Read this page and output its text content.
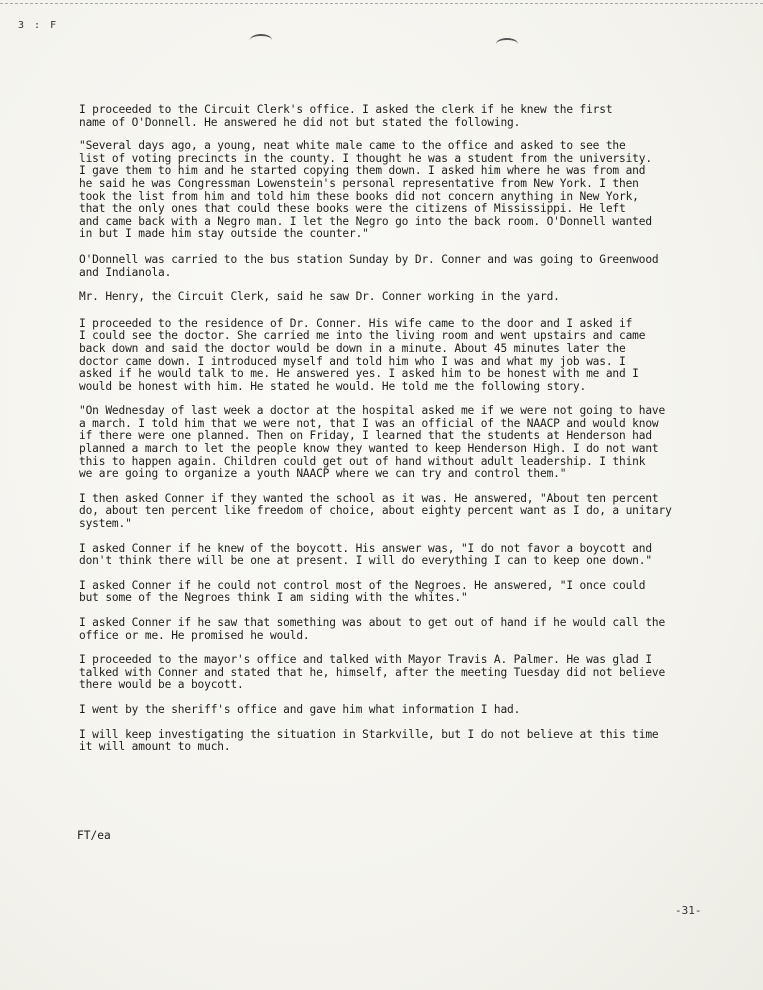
3 : F
I proceeded to the Circuit Clerk's office. I asked the clerk if he knew the first
name of O'Donnell. He answered he did not but stated the following.
"Several days ago, a young, neat white male came to the office and asked to see the
list of voting precincts in the county. I thought he was a student from the university.
I gave them to him and he started copying them down. I asked him where he was from and
he said he was Congressman Lowenstein's personal representative from New York. I then
took the list from him and told him these books did not concern anything in New York,
that the only ones that could these books were the citizens of Mississippi. He left
and came back with a Negro man. I let the Negro go into the back room. O'Donnell wanted
in but I made him stay outside the counter."
O'Donnell was carried to the bus station Sunday by Dr. Conner and was going to Greenwood
and Indianola.
Mr. Henry, the Circuit Clerk, said he saw Dr. Conner working in the yard.
I proceeded to the residence of Dr. Conner. His wife came to the door and I asked if
I could see the doctor. She carried me into the living room and went upstairs and came
back down and said the doctor would be down in a minute. About 45 minutes later the
doctor came down. I introduced myself and told him who I was and what my job was. I
asked if he would talk to me. He answered yes. I asked him to be honest with me and I
would be honest with him. He stated he would. He told me the following story.
"On Wednesday of last week a doctor at the hospital asked me if we were not going to have
a march. I told him that we were not, that I was an official of the NAACP and would know
if there were one planned. Then on Friday, I learned that the students at Henderson had
planned a march to let the people know they wanted to keep Henderson High. I do not want
this to happen again. Children could get out of hand without adult leadership. I think
we are going to organize a youth NAACP where we can try and control them."
I then asked Conner if they wanted the school as it was. He answered, "About ten percent
do, about ten percent like freedom of choice, about eighty percent want as I do, a unitary
system."
I asked Conner if he knew of the boycott. His answer was, "I do not favor a boycott and
don't think there will be one at present. I will do everything I can to keep one down."
I asked Conner if he could not control most of the Negroes. He answered, "I once could
but some of the Negroes think I am siding with the whites."
I asked Conner if he saw that something was about to get out of hand if he would call the
office or me. He promised he would.
I proceeded to the mayor's office and talked with Mayor Travis A. Palmer. He was glad I
talked with Conner and stated that he, himself, after the meeting Tuesday did not believe
there would be a boycott.
I went by the sheriff's office and gave him what information I had.
I will keep investigating the situation in Starkville, but I do not believe at this time
it will amount to much.
FT/ea
-31-
